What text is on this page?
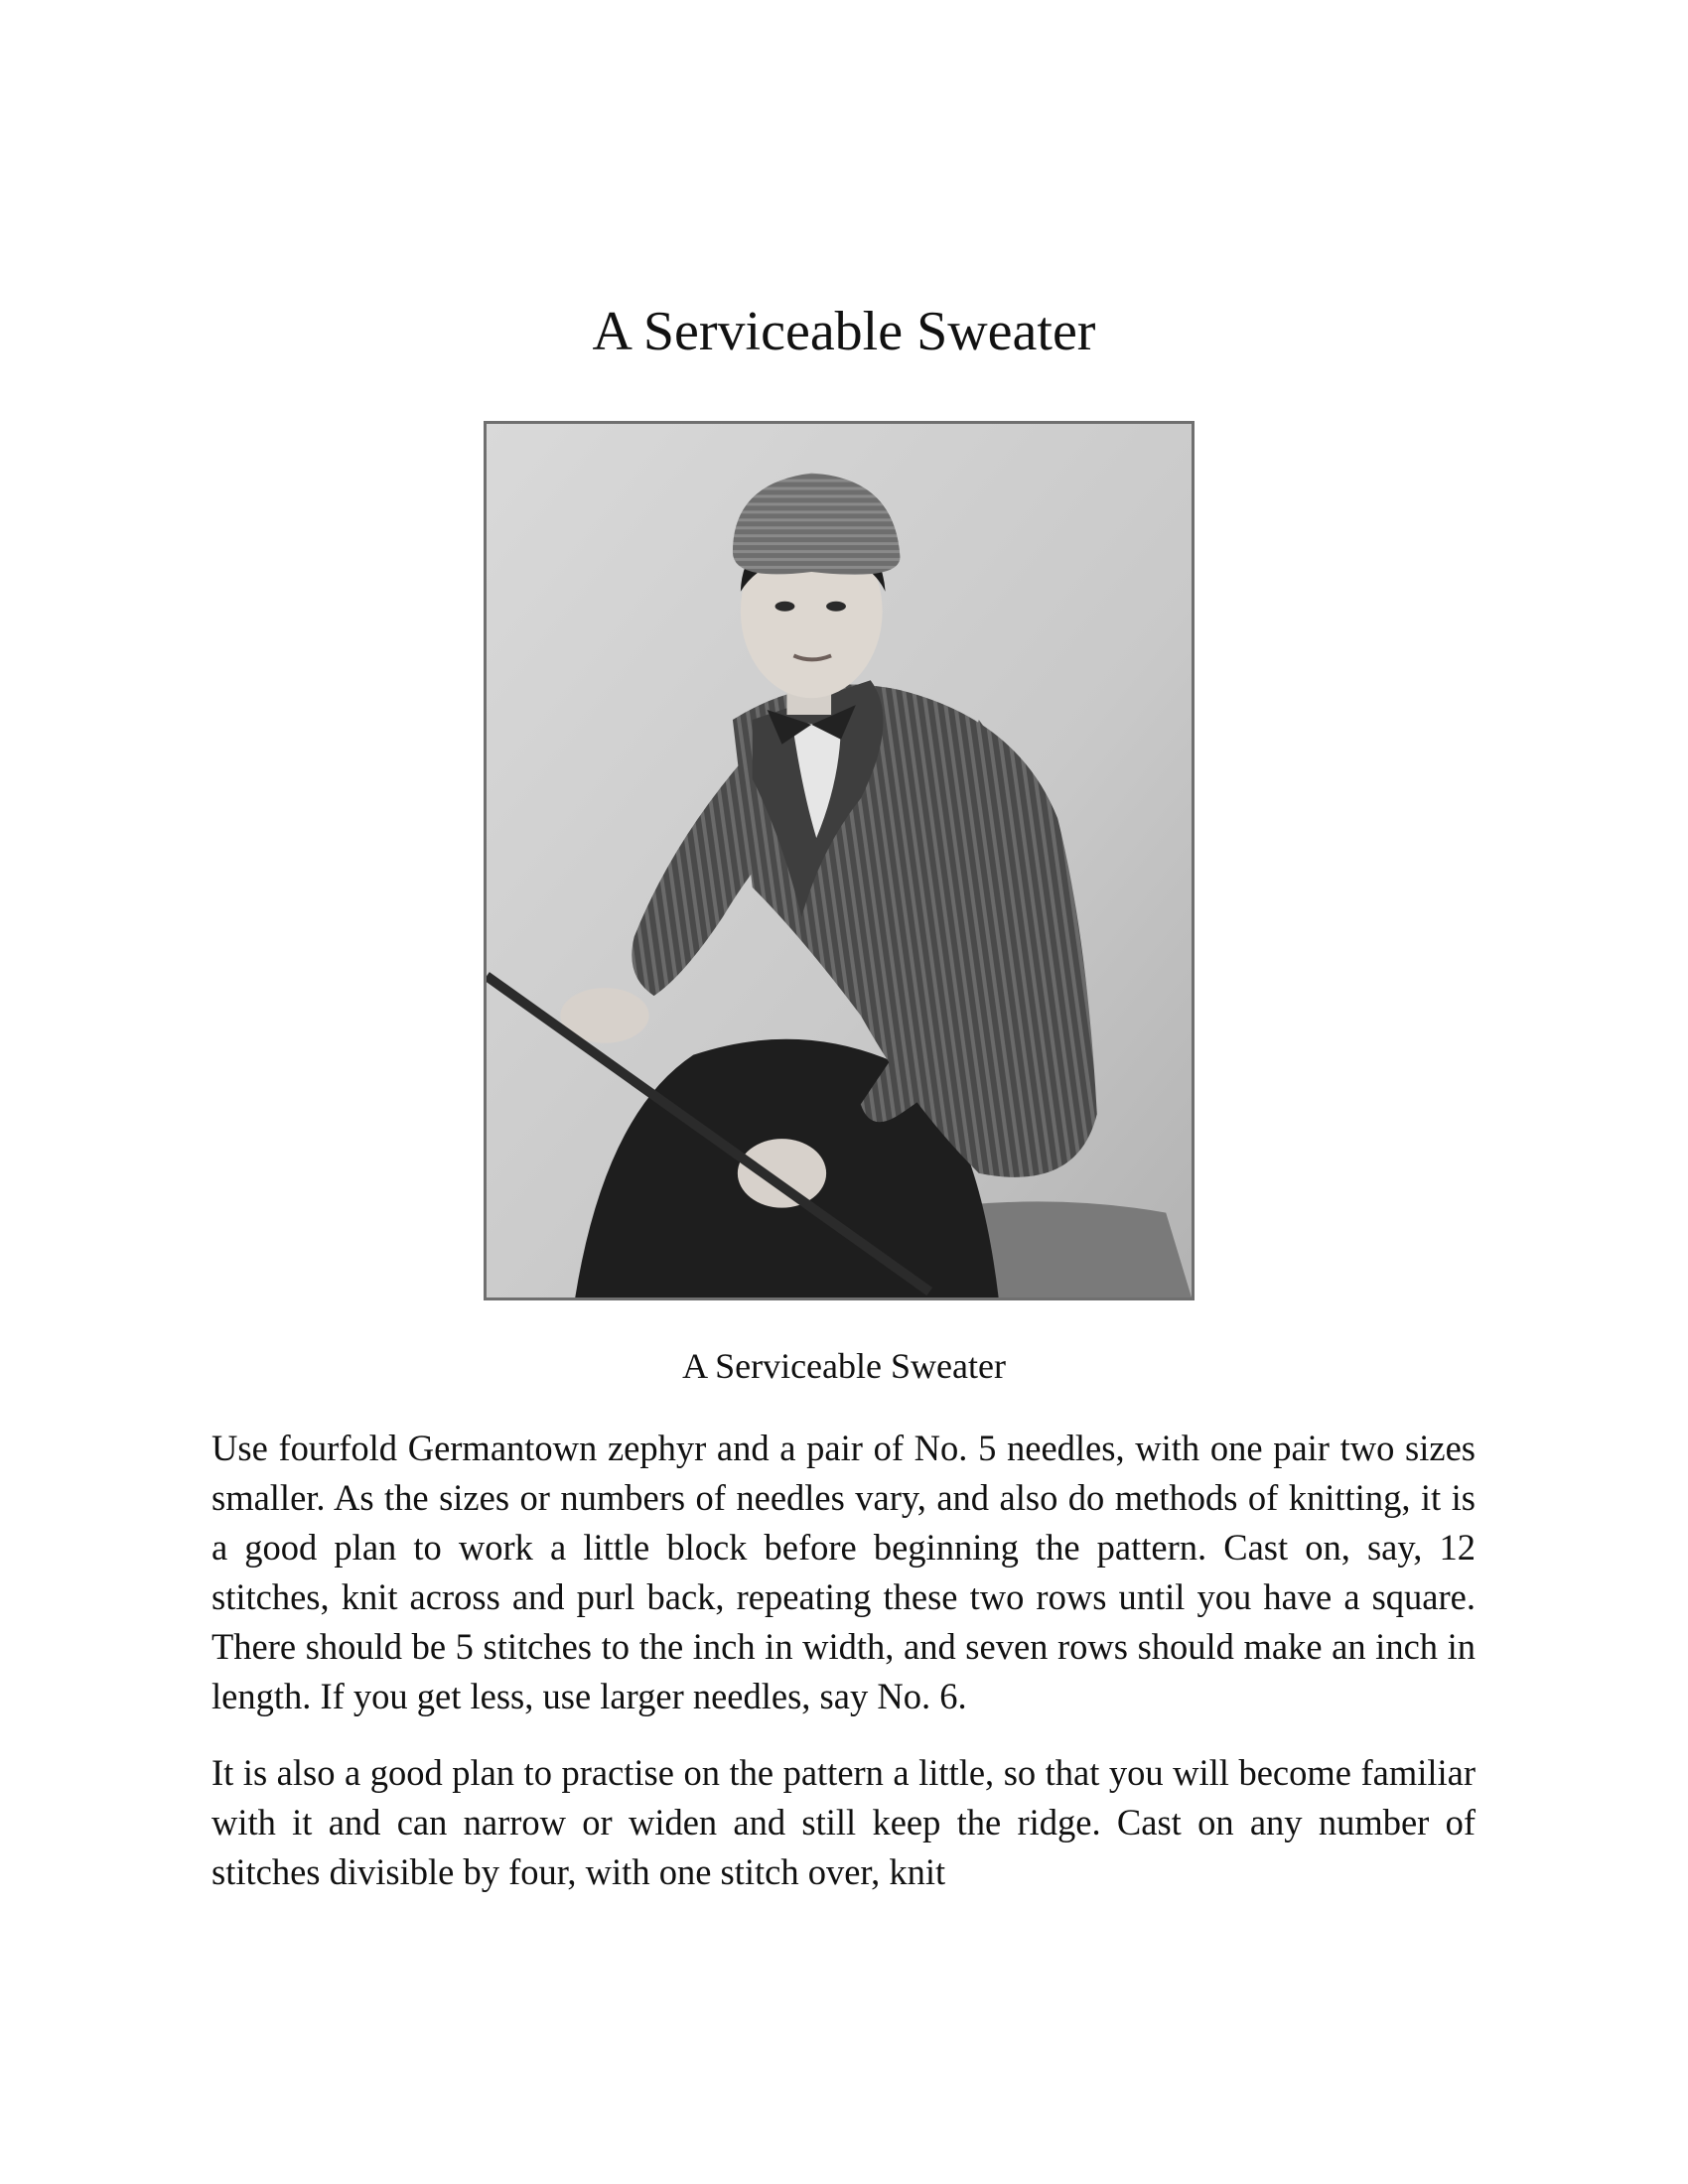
A Serviceable Sweater

A Serviceable Sweater

Use fourfold Germantown zephyr and a pair of No. 5 needles, with one pair two sizes smaller. As the sizes or numbers of needles vary, and also do methods of knitting, it is a good plan to work a little block before beginning the pattern. Cast on, say, 12 stitches, knit across and purl back, repeating these two rows until you have a square. There should be 5 stitches to the inch in width, and seven rows should make an inch in length. If you get less, use larger needles, say No. 6.

It is also a good plan to practise on the pattern a little, so that you will become familiar with it and can narrow or widen and still keep the ridge. Cast on any number of stitches divisible by four, with one stitch over, knit
